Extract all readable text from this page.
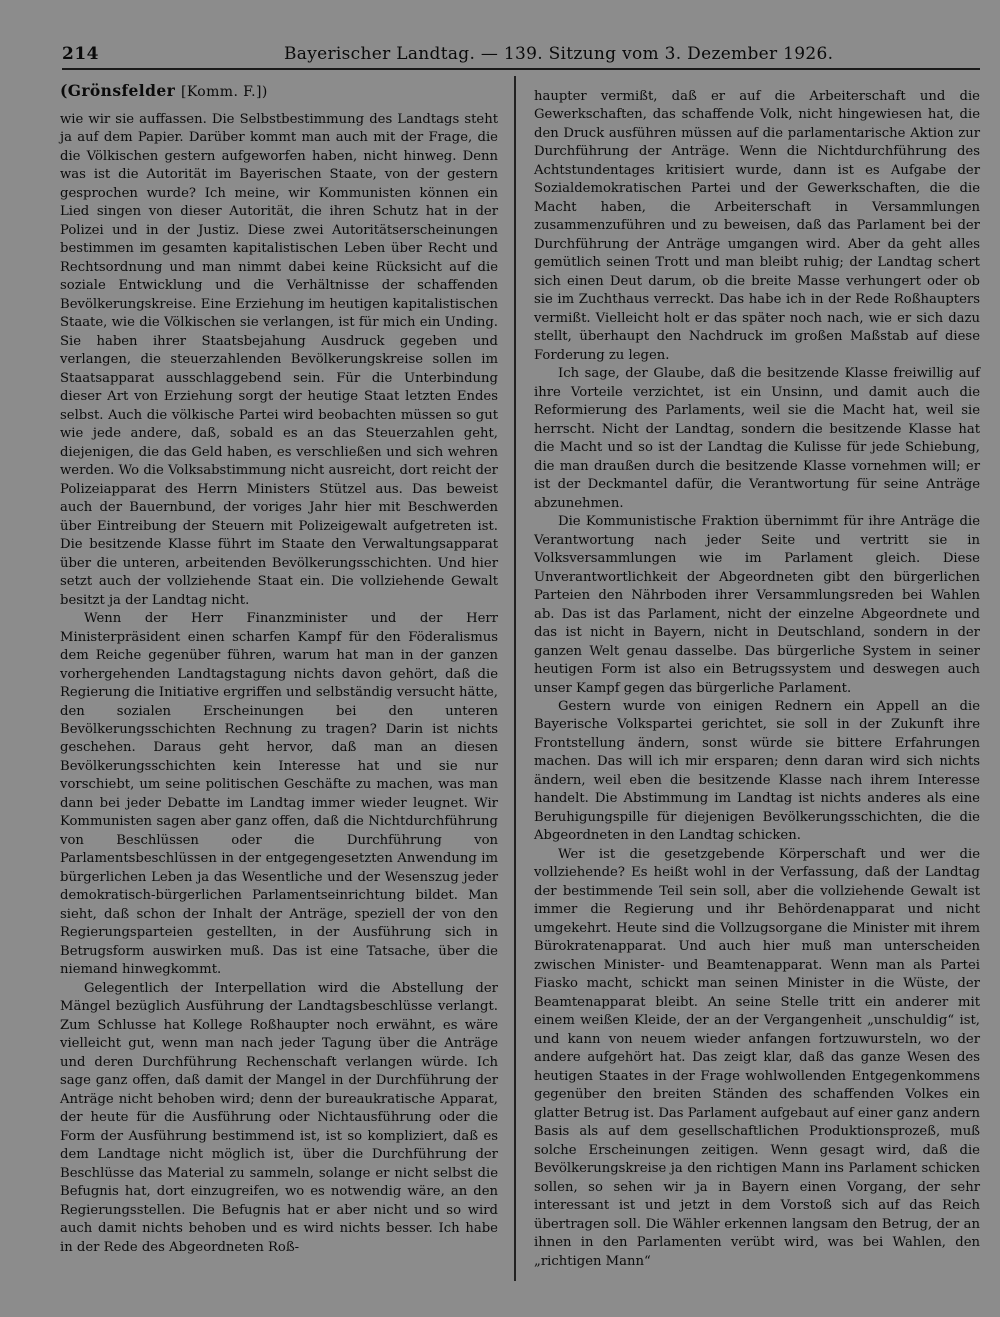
214	Bayerischer Landtag. — 139. Sitzung vom 3. Dezember 1926.
(Grönsfelder [Komm. F.])

wie wir sie auffassen. Die Selbstbestimmung des Landtags steht ja auf dem Papier. Darüber kommt man auch mit der Frage, die die Völkischen gestern aufgeworfen haben, nicht hinweg. Denn was ist die Autorität im Bayerischen Staate, von der gestern gesprochen wurde? Ich meine, wir Kommunisten können ein Lied singen von dieser Autorität, die ihren Schutz hat in der Polizei und in der Justiz. Diese zwei Autoritätserscheinungen bestimmen im gesamten kapitalistischen Leben über Recht und Rechtsordnung und man nimmt dabei keine Rücksicht auf die soziale Entwicklung und die Verhältnisse der schaffenden Bevölkerungskreise. Eine Erziehung im heutigen kapitalistischen Staate, wie die Völkischen sie verlangen, ist für mich ein Unding. Sie haben ihrer Staatsbejahung Ausdruck gegeben und verlangen, die steuerzahlenden Bevölkerungskreise sollen im Staatsapparat ausschlaggebend sein. Für die Unterbindung dieser Art von Erziehung sorgt der heutige Staat letzten Endes selbst. Auch die völkische Partei wird beobachten müssen so gut wie jede andere, daß, sobald es an das Steuerzahlen geht, diejenigen, die das Geld haben, es verschließen und sich wehren werden. Wo die Volksabstimmung nicht ausreicht, dort reicht der Polizeiapparat des Herrn Ministers Stützel aus. Das beweist auch der Bauernbund, der voriges Jahr hier mit Beschwerden über Eintreibung der Steuern mit Polizeigewalt aufgetreten ist. Die besitzende Klasse führt im Staate den Verwaltungsapparat über die unteren, arbeitenden Bevölkerungsschichten. Und hier setzt auch der vollziehende Staat ein. Die vollziehende Gewalt besitzt ja der Landtag nicht.

Wenn der Herr Finanzminister und der Herr Ministerpräsident einen scharfen Kampf für den Föderalismus dem Reiche gegenüber führen, warum hat man in der ganzen vorhergehenden Landtagstagung nichts davon gehört, daß die Regierung die Initiative ergriffen und selbständig versucht hätte, den sozialen Erscheinungen bei den unteren Bevölkerungsschichten Rechnung zu tragen? Darin ist nichts geschehen. Daraus geht hervor, daß man an diesen Bevölkerungsschichten kein Interesse hat und sie nur vorschiebt, um seine politischen Geschäfte zu machen, was man dann bei jeder Debatte im Landtag immer wieder leugnet. Wir Kommunisten sagen aber ganz offen, daß die Nichtdurchführung von Beschlüssen oder die Durchführung von Parlamentsbeschlüssen in der entgegengesetzten Anwendung im bürgerlichen Leben ja das Wesentliche und der Wesenszug jeder demokratisch-bürgerlichen Parlamentseinrichtung bildet. Man sieht, daß schon der Inhalt der Anträge, speziell der von den Regierungsparteien gestellten, in der Ausführung sich in Betrugsform auswirken muß. Das ist eine Tatsache, über die niemand hinwegkommt.

Gelegentlich der Interpellation wird die Abstellung der Mängel bezüglich Ausführung der Landtagsbeschlüsse verlangt. Zum Schlusse hat Kollege Roßhaupter noch erwähnt, es wäre vielleicht gut, wenn man nach jeder Tagung über die Anträge und deren Durchführung Rechenschaft verlangen würde. Ich sage ganz offen, daß damit der Mangel in der Durchführung der Anträge nicht behoben wird; denn der bureaukratische Apparat, der heute für die Ausführung oder Nichtausführung oder die Form der Ausführung bestimmend ist, ist so kompliziert, daß es dem Landtage nicht möglich ist, über die Durchführung der Beschlüsse das Material zu sammeln, solange er nicht selbst die Befugnis hat, dort einzugreifen, wo es notwendig wäre, an den Regierungsstellen. Die Befugnis hat er aber nicht und so wird auch damit nichts behoben und es wird nichts besser. Ich habe in der Rede des Abgeordneten Roß-

haupter vermißt, daß er auf die Arbeiterschaft und die Gewerkschaften, das schaffende Volk, nicht hingewiesen hat, die den Druck ausführen müssen auf die parlamentarische Aktion zur Durchführung der Anträge. Wenn die Nichtdurchführung des Achtstundentages kritisiert wurde, dann ist es Aufgabe der Sozialdemokratischen Partei und der Gewerkschaften, die die Macht haben, die Arbeiterschaft in Versammlungen zusammenzuführen und zu beweisen, daß das Parlament bei der Durchführung der Anträge umgangen wird. Aber da geht alles gemütlich seinen Trott und man bleibt ruhig; der Landtag schert sich einen Deut darum, ob die breite Masse verhungert oder ob sie im Zuchthaus verreckt. Das habe ich in der Rede Roßhaupters vermißt. Vielleicht holt er das später noch nach, wie er sich dazu stellt, überhaupt den Nachdruck im großen Maßstab auf diese Forderung zu legen.

Ich sage, der Glaube, daß die besitzende Klasse freiwillig auf ihre Vorteile verzichtet, ist ein Unsinn, und damit auch die Reformierung des Parlaments, weil sie die Macht hat, weil sie herrscht. Nicht der Landtag, sondern die besitzende Klasse hat die Macht und so ist der Landtag die Kulisse für jede Schiebung, die man draußen durch die besitzende Klasse vornehmen will; er ist der Deckmantel dafür, die Verantwortung für seine Anträge abzunehmen.

Die Kommunistische Fraktion übernimmt für ihre Anträge die Verantwortung nach jeder Seite und vertritt sie in Volksversammlungen wie im Parlament gleich. Diese Unverantwortlichkeit der Abgeordneten gibt den bürgerlichen Parteien den Nährboden ihrer Versammlungsreden bei Wahlen ab. Das ist das Parlament, nicht der einzelne Abgeordnete und das ist nicht in Bayern, nicht in Deutschland, sondern in der ganzen Welt genau dasselbe. Das bürgerliche System in seiner heutigen Form ist also ein Betrugssystem und deswegen auch unser Kampf gegen das bürgerliche Parlament.

Gestern wurde von einigen Rednern ein Appell an die Bayerische Volkspartei gerichtet, sie soll in der Zukunft ihre Frontstellung ändern, sonst würde sie bittere Erfahrungen machen. Das will ich mir ersparen; denn daran wird sich nichts ändern, weil eben die besitzende Klasse nach ihrem Interesse handelt. Die Abstimmung im Landtag ist nichts anderes als eine Beruhigungspille für diejenigen Bevölkerungsschichten, die die Abgeordneten in den Landtag schicken.

Wer ist die gesetzgebende Körperschaft und wer die vollziehende? Es heißt wohl in der Verfassung, daß der Landtag der bestimmende Teil sein soll, aber die vollziehende Gewalt ist immer die Regierung und ihr Behördenapparat und nicht umgekehrt. Heute sind die Vollzugsorgane die Minister mit ihrem Bürokratenapparat. Und auch hier muß man unterscheiden zwischen Minister- und Beamtenapparat. Wenn man als Partei Fiasko macht, schickt man seinen Minister in die Wüste, der Beamtenapparat bleibt. An seine Stelle tritt ein anderer mit einem weißen Kleide, der an der Vergangenheit „unschuldig“ ist, und kann von neuem wieder anfangen fortzuwursteln, wo der andere aufgehört hat. Das zeigt klar, daß das ganze Wesen des heutigen Staates in der Frage wohlwollenden Entgegenkommens gegenüber den breiten Ständen des schaffenden Volkes ein glatter Betrug ist. Das Parlament aufgebaut auf einer ganz andern Basis als auf dem gesellschaftlichen Produktionsprozeß, muß solche Erscheinungen zeitigen. Wenn gesagt wird, daß die Bevölkerungskreise ja den richtigen Mann ins Parlament schicken sollen, so sehen wir ja in Bayern einen Vorgang, der sehr interessant ist und jetzt in dem Vorstoß sich auf das Reich übertragen soll. Die Wähler erkennen langsam den Betrug, der an ihnen in den Parlamenten verübt wird, was bei Wahlen, den „richtigen Mann“
